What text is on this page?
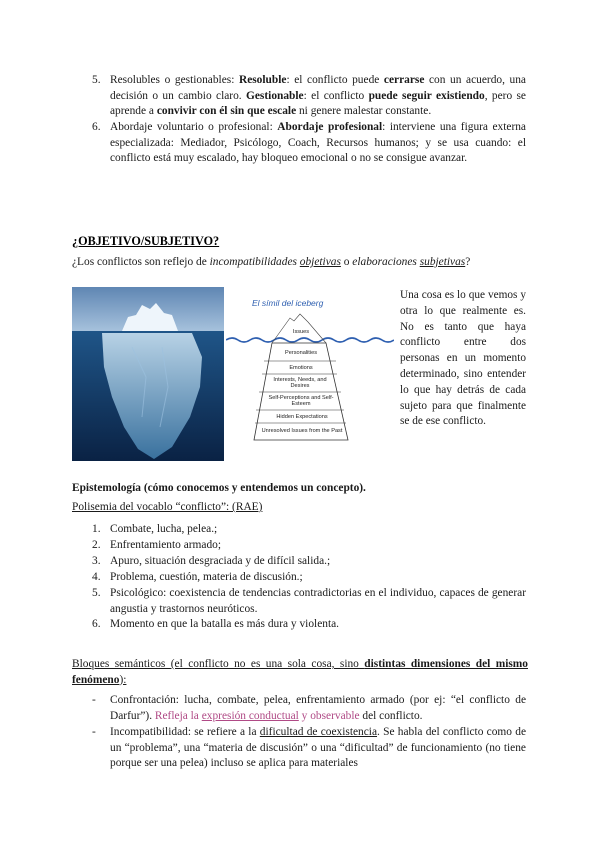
5. Resolubles o gestionables: Resoluble: el conflicto puede cerrarse con un acuerdo, una decisión o un cambio claro. Gestionable: el conflicto puede seguir existiendo, pero se aprende a convivir con él sin que escale ni genere malestar constante.
6. Abordaje voluntario o profesional: Abordaje profesional: interviene una figura externa especializada: Mediador, Psicólogo, Coach, Recursos humanos; y se usa cuando: el conflicto está muy escalado, hay bloqueo emocional o no se consigue avanzar.
¿OBJETIVO/SUBJETIVO?
¿Los conflictos son reflejo de incompatibilidades objetivas o elaboraciones subjetivas?
El símil del iceberg
Issues
Personalities
Emotions
Interests, Needs, and Desires
Self-Perceptions and Self-Esteem
Hidden Expectations
Unresolved Issues from the Past
Una cosa es lo que vemos y otra lo que realmente es. No es tanto que haya conflicto entre dos personas en un momento determinado, sino entender lo que hay detrás de cada sujeto para que finalmente se de ese conflicto.
Epistemología (cómo conocemos y entendemos un concepto).
Polisemia del vocablo “conflicto”: (RAE)
1. Combate, lucha, pelea.;
2. Enfrentamiento armado;
3. Apuro, situación desgraciada y de difícil salida.;
4. Problema, cuestión, materia de discusión.;
5. Psicológico: coexistencia de tendencias contradictorias en el individuo, capaces de generar angustia y trastornos neuróticos.
6. Momento en que la batalla es más dura y violenta.
Bloques semánticos (el conflicto no es una sola cosa, sino distintas dimensiones del mismo fenómeno):
- Confrontación: lucha, combate, pelea, enfrentamiento armado (por ej: “el conflicto de Darfur”). Refleja la expresión conductual y observable del conflicto.
- Incompatibilidad: se refiere a la dificultad de coexistencia. Se habla del conflicto como de un “problema”, una “materia de discusión” o una “dificultad” de funcionamiento (no tiene porque ser una pelea) incluso se aplica para materiales
